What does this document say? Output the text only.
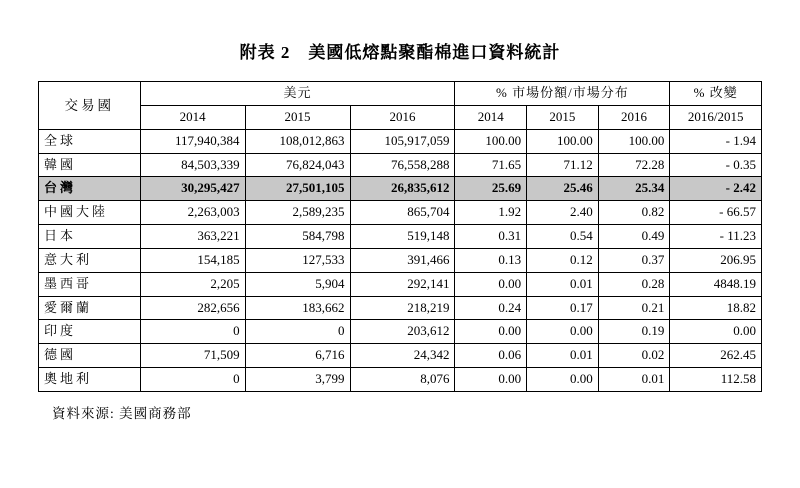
附表 2　美國低熔點聚酯棉進口資料統計
交易國	美元			% 市場份額/市場分布			% 改變
	2014	2015	2016	2014	2015	2016	2016/2015
全球	117,940,384	108,012,863	105,917,059	100.00	100.00	100.00	- 1.94
韓國	84,503,339	76,824,043	76,558,288	71.65	71.12	72.28	- 0.35
台灣	30,295,427	27,501,105	26,835,612	25.69	25.46	25.34	- 2.42
中國大陸	2,263,003	2,589,235	865,704	1.92	2.40	0.82	- 66.57
日本	363,221	584,798	519,148	0.31	0.54	0.49	- 11.23
意大利	154,185	127,533	391,466	0.13	0.12	0.37	206.95
墨西哥	2,205	5,904	292,141	0.00	0.01	0.28	4848.19
愛爾蘭	282,656	183,662	218,219	0.24	0.17	0.21	18.82
印度	0	0	203,612	0.00	0.00	0.19	0.00
德國	71,509	6,716	24,342	0.06	0.01	0.02	262.45
奧地利	0	3,799	8,076	0.00	0.00	0.01	112.58
資料來源: 美國商務部
